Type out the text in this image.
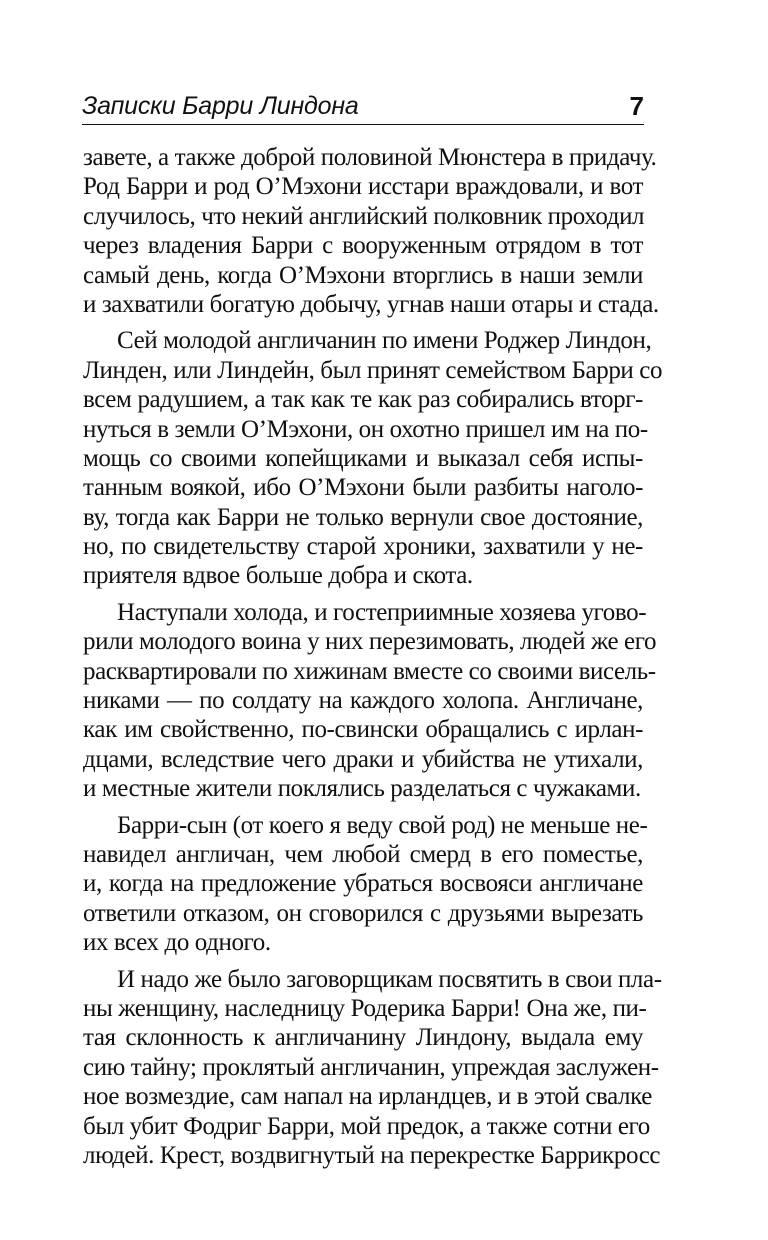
Записки Барри Линдона	7
завете, а также доброй половиной Мюнстера в придачу.
Род Барри и род О’Мэхони исстари враждовали, и вот
случилось, что некий английский полковник проходил
через владения Барри с вооруженным отрядом в тот
самый день, когда О’Мэхони вторглись в наши земли
и захватили богатую добычу, угнав наши отары и стада.
Сей молодой англичанин по имени Роджер Линдон,
Линден, или Линдейн, был принят семейством Барри со
всем радушием, а так как те как раз собирались вторг-
нуться в земли О’Мэхони, он охотно пришел им на по-
мощь со своими копейщиками и выказал себя испы-
танным воякой, ибо О’Мэхони были разбиты наголо-
ву, тогда как Барри не только вернули свое достояние,
но, по свидетельству старой хроники, захватили у не-
приятеля вдвое больше добра и скота.
Наступали холода, и гостеприимные хозяева угово-
рили молодого воина у них перезимовать, людей же его
расквартировали по хижинам вместе со своими висель-
никами — по солдату на каждого холопа. Англичане,
как им свойственно, по-свински обращались с ирлан-
дцами, вследствие чего драки и убийства не утихали,
и местные жители поклялись разделаться с чужаками.
Барри-сын (от коего я веду свой род) не меньше не-
навидел англичан, чем любой смерд в его поместье,
и, когда на предложение убраться восвояси англичане
ответили отказом, он сговорился с друзьями вырезать
их всех до одного.
И надо же было заговорщикам посвятить в свои пла-
ны женщину, наследницу Родерика Барри! Она же, пи-
тая склонность к англичанину Линдону, выдала ему
сию тайну; проклятый англичанин, упреждая заслужен-
ное возмездие, сам напал на ирландцев, и в этой свалке
был убит Фодриг Барри, мой предок, а также сотни его
людей. Крест, воздвигнутый на перекрестке Баррикросс
